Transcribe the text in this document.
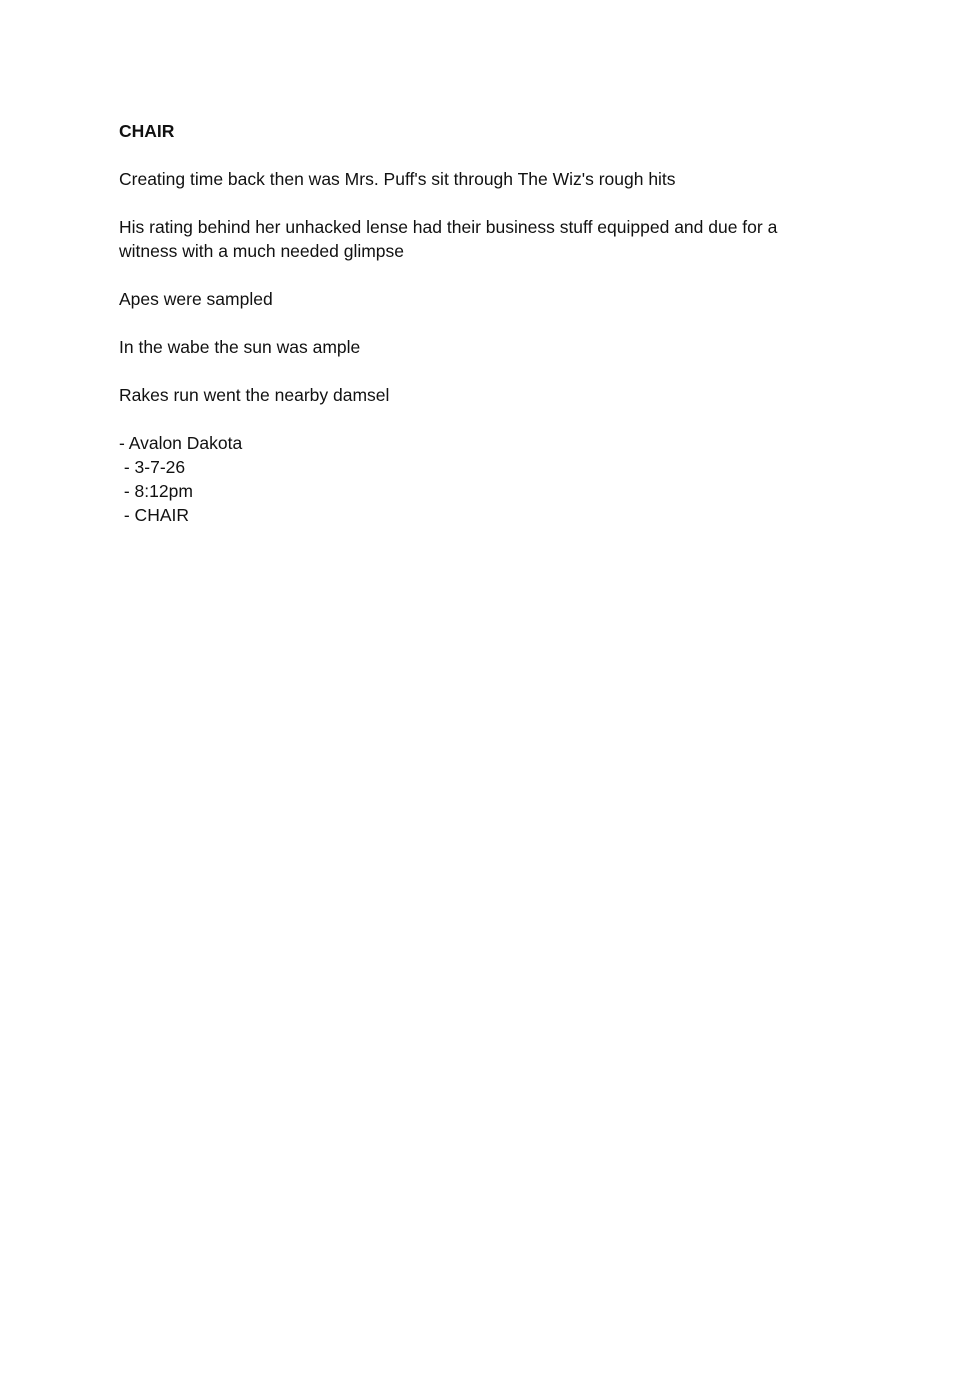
CHAIR

Creating time back then was Mrs. Puff's sit through The Wiz's rough hits

His rating behind her unhacked lense had their business stuff equipped and due for a witness with a much needed glimpse

Apes were sampled

In the wabe the sun was ample

Rakes run went the nearby damsel

- Avalon Dakota
- 3-7-26
- 8:12pm
- CHAIR
